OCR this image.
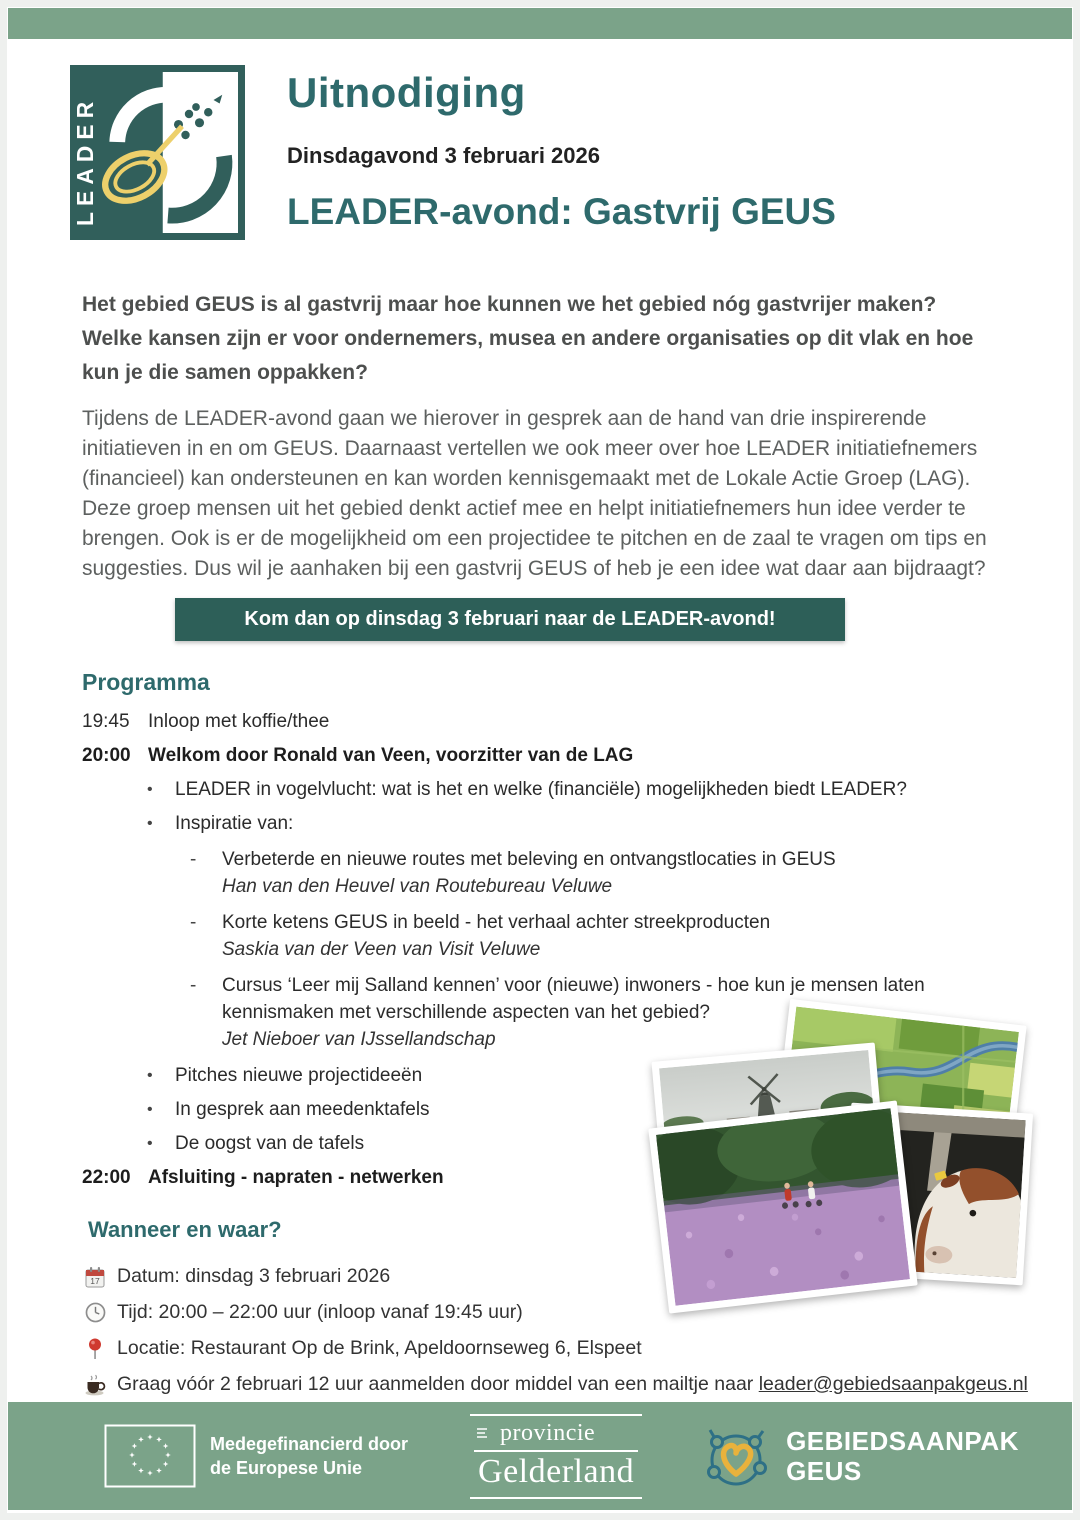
LEADER
Uitnodiging
Dinsdagavond 3 februari 2026
LEADER-avond: Gastvrij GEUS
Het gebied GEUS is al gastvrij maar hoe kunnen we het gebied nóg gastvrijer maken? Welke kansen zijn er voor ondernemers, musea en andere organisaties op dit vlak en hoe kun je die samen oppakken?
Tijdens de LEADER-avond gaan we hierover in gesprek aan de hand van drie inspirerende initiatieven in en om GEUS. Daarnaast vertellen we ook meer over hoe LEADER initiatiefnemers (financieel) kan ondersteunen en kan worden kennisgemaakt met de Lokale Actie Groep (LAG). Deze groep mensen uit het gebied denkt actief mee en helpt initiatiefnemers hun idee verder te brengen. Ook is er de mogelijkheid om een projectidee te pitchen en de zaal te vragen om tips en suggesties. Dus wil je aanhaken bij een gastvrij GEUS of heb je een idee wat daar aan bijdraagt?
Kom dan op dinsdag 3 februari naar de LEADER-avond!
Programma
19:45 Inloop met koffie/thee
20:00 Welkom door Ronald van Veen, voorzitter van de LAG
•	LEADER in vogelvlucht: wat is het en welke (financiële) mogelijkheden biedt LEADER?
•	Inspiratie van:
-	Verbeterde en nieuwe routes met beleving en ontvangstlocaties in GEUS
Han van den Heuvel van Routebureau Veluwe
-	Korte ketens GEUS in beeld - het verhaal achter streekproducten
Saskia van der Veen van Visit Veluwe
-	Cursus ‘Leer mij Salland kennen’ voor (nieuwe) inwoners - hoe kun je mensen laten kennismaken met verschillende aspecten van het gebied?
Jet Nieboer van IJssellandschap
•	Pitches nieuwe projectideeën
•	In gesprek aan meedenktafels
•	De oogst van de tafels
22:00 Afsluiting - napraten - netwerken
Wanneer en waar?
17 Datum: dinsdag 3 februari 2026
Tijd: 20:00 – 22:00 uur (inloop vanaf 19:45 uur)
Locatie: Restaurant Op de Brink, Apeldoornseweg 6, Elspeet
Graag vóór 2 februari 12 uur aanmelden door middel van een mailtje naar leader@gebiedsaanpakgeus.nl
Medegefinancierd door
de Europese Unie
provincie
Gelderland
GEBIEDSAANPAK
GEUS
